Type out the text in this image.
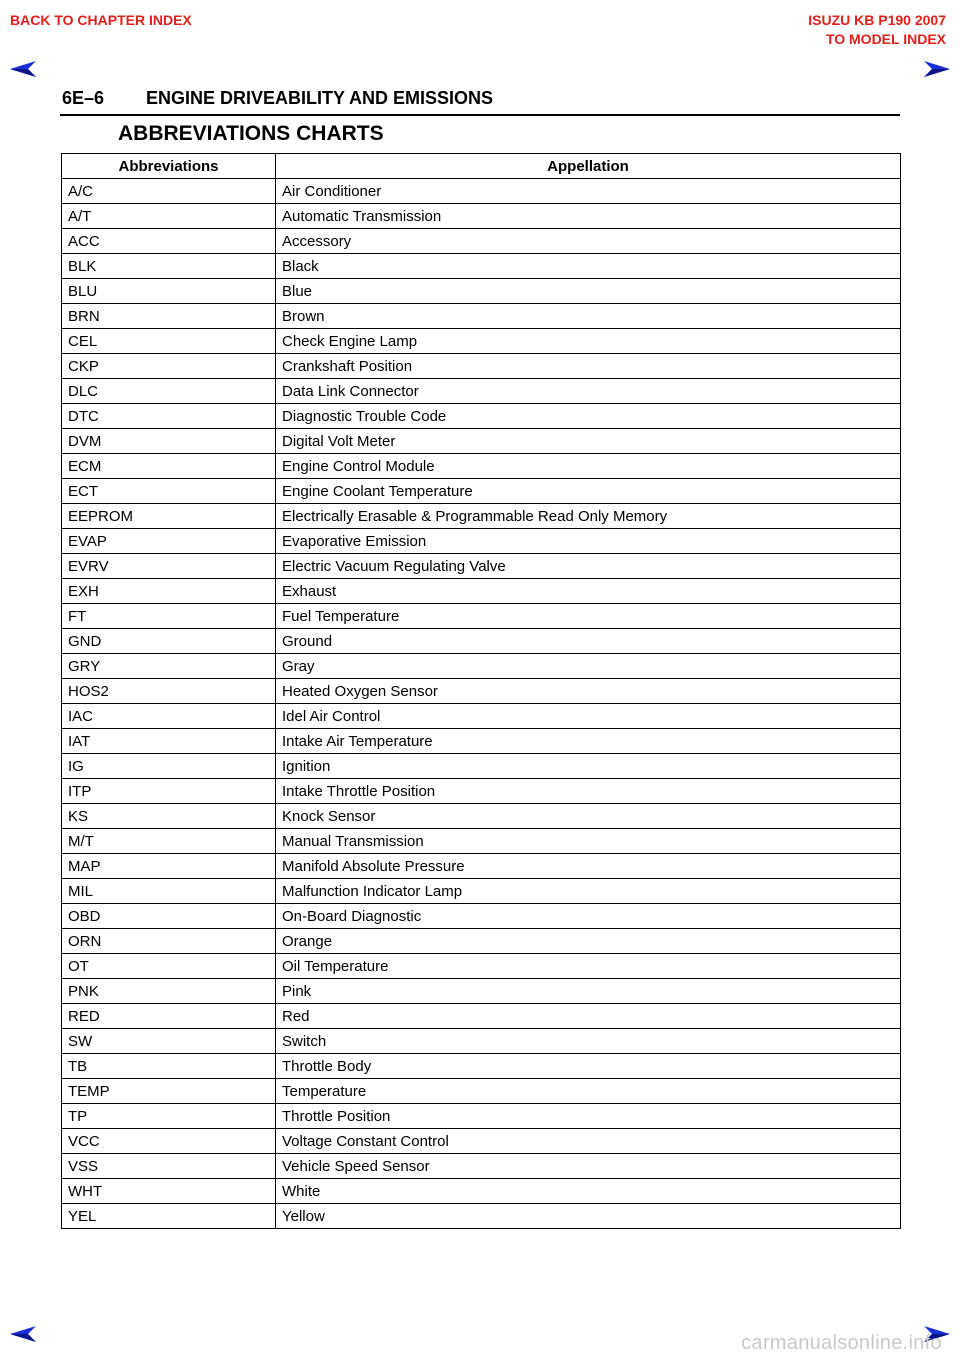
BACK TO CHAPTER INDEX	ISUZU KB P190 2007
TO MODEL INDEX
6E–6 ENGINE DRIVEABILITY AND EMISSIONS
ABBREVIATIONS CHARTS
Abbreviations	Appellation
A/C	Air Conditioner
A/T	Automatic Transmission
ACC	Accessory
BLK	Black
BLU	Blue
BRN	Brown
CEL	Check Engine Lamp
CKP	Crankshaft Position
DLC	Data Link Connector
DTC	Diagnostic Trouble Code
DVM	Digital Volt Meter
ECM	Engine Control Module
ECT	Engine Coolant Temperature
EEPROM	Electrically Erasable & Programmable Read Only Memory
EVAP	Evaporative Emission
EVRV	Electric Vacuum Regulating Valve
EXH	Exhaust
FT	Fuel Temperature
GND	Ground
GRY	Gray
HOS2	Heated Oxygen Sensor
IAC	Idel Air Control
IAT	Intake Air Temperature
IG	Ignition
ITP	Intake Throttle Position
KS	Knock Sensor
M/T	Manual Transmission
MAP	Manifold Absolute Pressure
MIL	Malfunction Indicator Lamp
OBD	On-Board Diagnostic
ORN	Orange
OT	Oil Temperature
PNK	Pink
RED	Red
SW	Switch
TB	Throttle Body
TEMP	Temperature
TP	Throttle Position
VCC	Voltage Constant Control
VSS	Vehicle Speed Sensor
WHT	White
YEL	Yellow
carmanualsonline.info
